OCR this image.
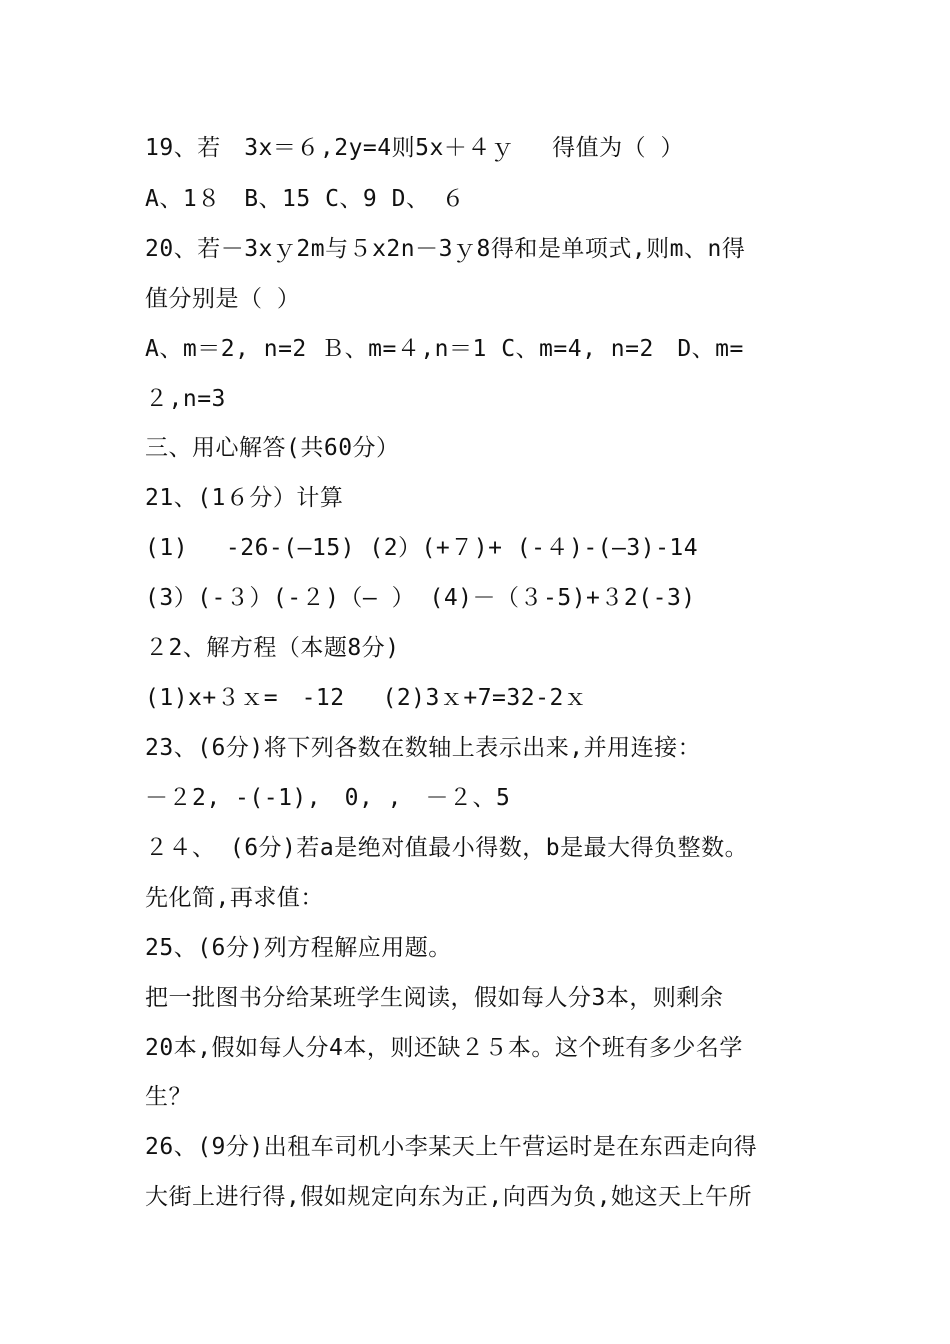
19、若　3x＝６,2y=4则5x＋４ｙ　 得值为（ ）
A、1８　B、15 C、9 D、　６
20、若－3xｙ2m与５x2n－3ｙ8得和是单项式,则m、n得
值分别是（ ）
A、m＝2, n=2 Ｂ、m=４,n＝1 C、m=4, n=2　D、m=
２,n=3
三、用心解答(共60分）
21、(1６分）计算
(1)　 -26-(—15) (2）(+７)+ (-４)-(—3)-14
(3）(-３）(-２)（— ） (4)－（３-5)+３2(-3)
２2、解方程（本题8分)
(1)x+３ｘ=　-12　 (2)3ｘ+7=32-2ｘ
23、(6分)将下列各数在数轴上表示出来,并用连接：
－２2, -(-1),　0, ,　－２、5
２４、 (6分)若a是绝对值最小得数，b是最大得负整数。
先化简,再求值：
25、(6分)列方程解应用题。
把一批图书分给某班学生阅读，假如每人分3本，则剩余
20本,假如每人分4本，则还缺２５本。这个班有多少名学
生？
26、(9分)出租车司机小李某天上午营运时是在东西走向得
大街上进行得,假如规定向东为正,向西为负,她这天上午所
